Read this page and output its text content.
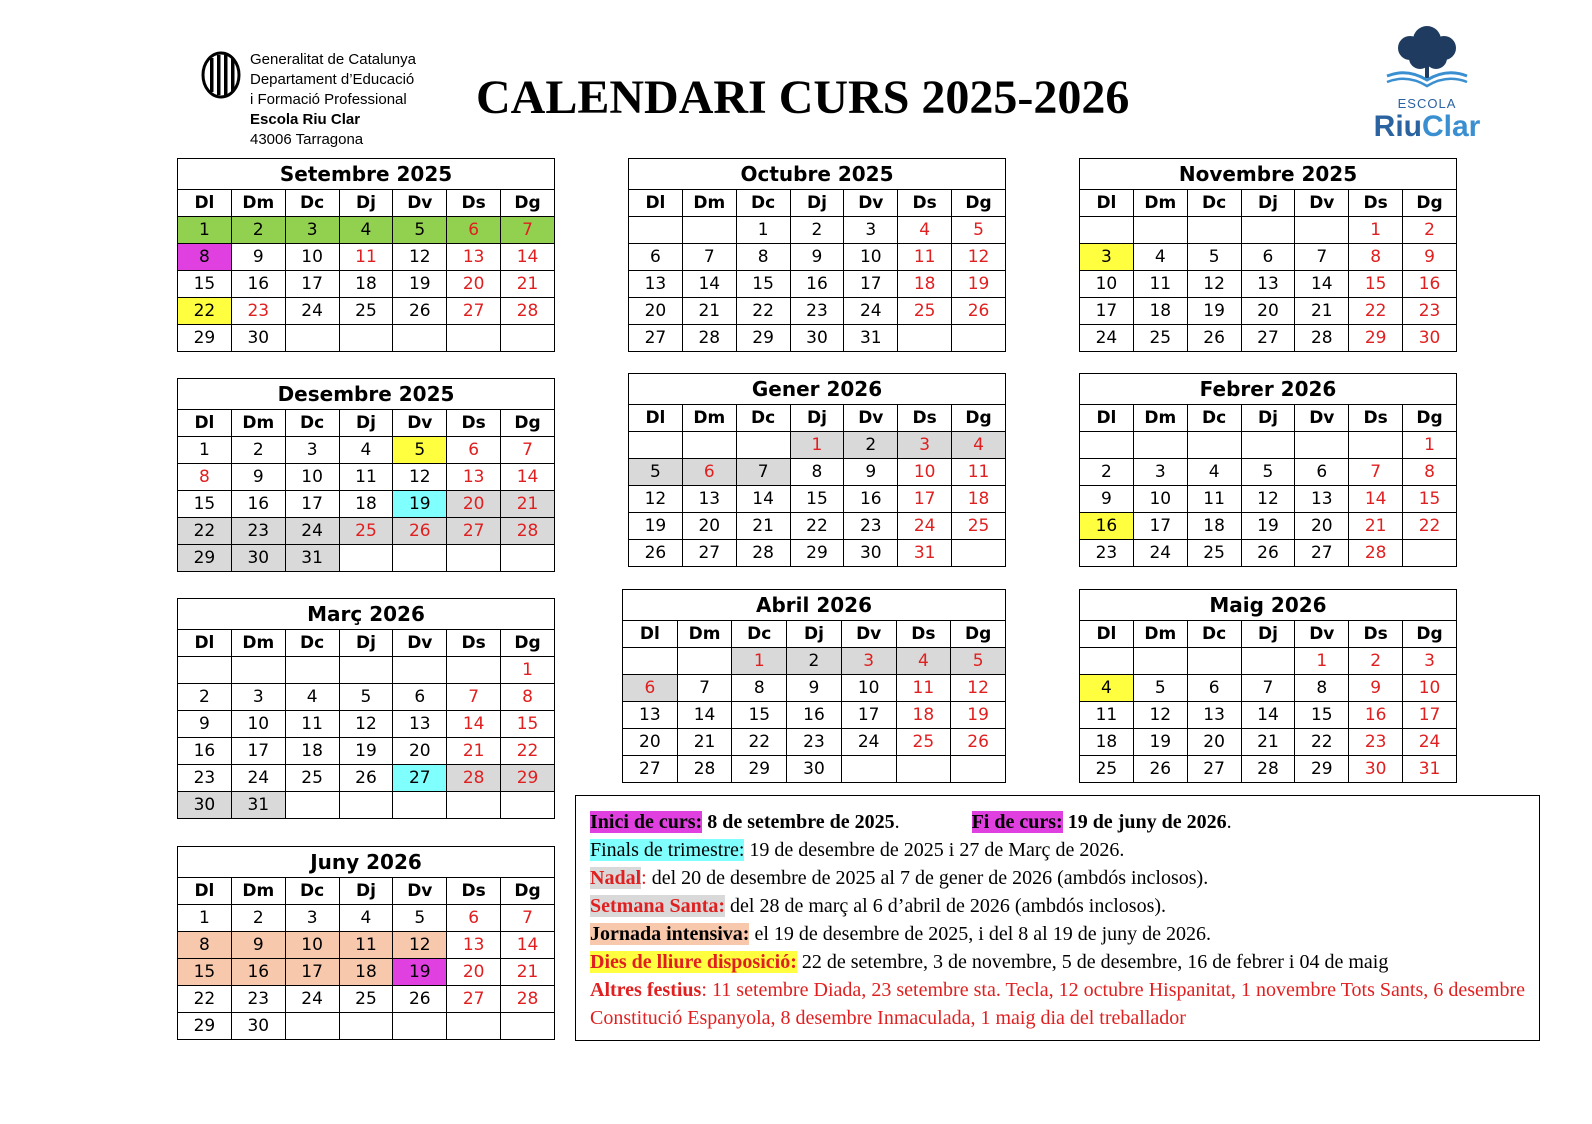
Generalitat de Catalunya
Departament d’Educació
i Formació Professional
Escola Riu Clar
43006 Tarragona
CALENDARI CURS 2025-2026	ESCOLA
RiuClar
Setembre 2025						
Dl	Dm	Dc	Dj	Dv	Ds	Dg
1	2	3	4	5	6	7
8	9	10	11	12	13	14
15	16	17	18	19	20	21
22	23	24	25	26	27	28
29	30					
Octubre 2025						
Dl	Dm	Dc	Dj	Dv	Ds	Dg
		1	2	3	4	5
6	7	8	9	10	11	12
13	14	15	16	17	18	19
20	21	22	23	24	25	26
27	28	29	30	31		
Novembre 2025						
Dl	Dm	Dc	Dj	Dv	Ds	Dg
					1	2
3	4	5	6	7	8	9
10	11	12	13	14	15	16
17	18	19	20	21	22	23
24	25	26	27	28	29	30
Desembre 2025						
Dl	Dm	Dc	Dj	Dv	Ds	Dg
1	2	3	4	5	6	7
8	9	10	11	12	13	14
15	16	17	18	19	20	21
22	23	24	25	26	27	28
29	30	31				
Gener 2026						
Dl	Dm	Dc	Dj	Dv	Ds	Dg
			1	2	3	4
5	6	7	8	9	10	11
12	13	14	15	16	17	18
19	20	21	22	23	24	25
26	27	28	29	30	31	
Febrer 2026						
Dl	Dm	Dc	Dj	Dv	Ds	Dg
						1
2	3	4	5	6	7	8
9	10	11	12	13	14	15
16	17	18	19	20	21	22
23	24	25	26	27	28	
Març 2026						
Dl	Dm	Dc	Dj	Dv	Ds	Dg
						1
2	3	4	5	6	7	8
9	10	11	12	13	14	15
16	17	18	19	20	21	22
23	24	25	26	27	28	29
30	31					
Abril 2026						
Dl	Dm	Dc	Dj	Dv	Ds	Dg
		1	2	3	4	5
6	7	8	9	10	11	12
13	14	15	16	17	18	19
20	21	22	23	24	25	26
27	28	29	30			
Maig 2026						
Dl	Dm	Dc	Dj	Dv	Ds	Dg
				1	2	3
4	5	6	7	8	9	10
11	12	13	14	15	16	17
18	19	20	21	22	23	24
25	26	27	28	29	30	31
Juny 2026						
Dl	Dm	Dc	Dj	Dv	Ds	Dg
1	2	3	4	5	6	7
8	9	10	11	12	13	14
15	16	17	18	19	20	21
22	23	24	25	26	27	28
29	30					
Inici de curs: 8 de setembre de 2025.	Fi de curs: 19 de juny de 2026.
Finals de trimestre: 19 de desembre de 2025 i 27 de Març de 2026.
Nadal: del 20 de desembre de 2025 al 7 de gener de 2026 (ambdós inclosos).
Setmana Santa: del 28 de març al 6 d’abril de 2026 (ambdós inclosos).
Jornada intensiva: el 19 de desembre de 2025, i del 8 al 19 de juny de 2026.
Dies de lliure disposició: 22 de setembre, 3 de novembre, 5 de desembre, 16 de febrer i 04 de maig
Altres festius: 11 setembre Diada, 23 setembre sta. Tecla, 12 octubre Hispanitat, 1 novembre Tots Sants, 6 desembre Constitució Espanyola, 8 desembre Inmaculada, 1 maig dia del treballador
